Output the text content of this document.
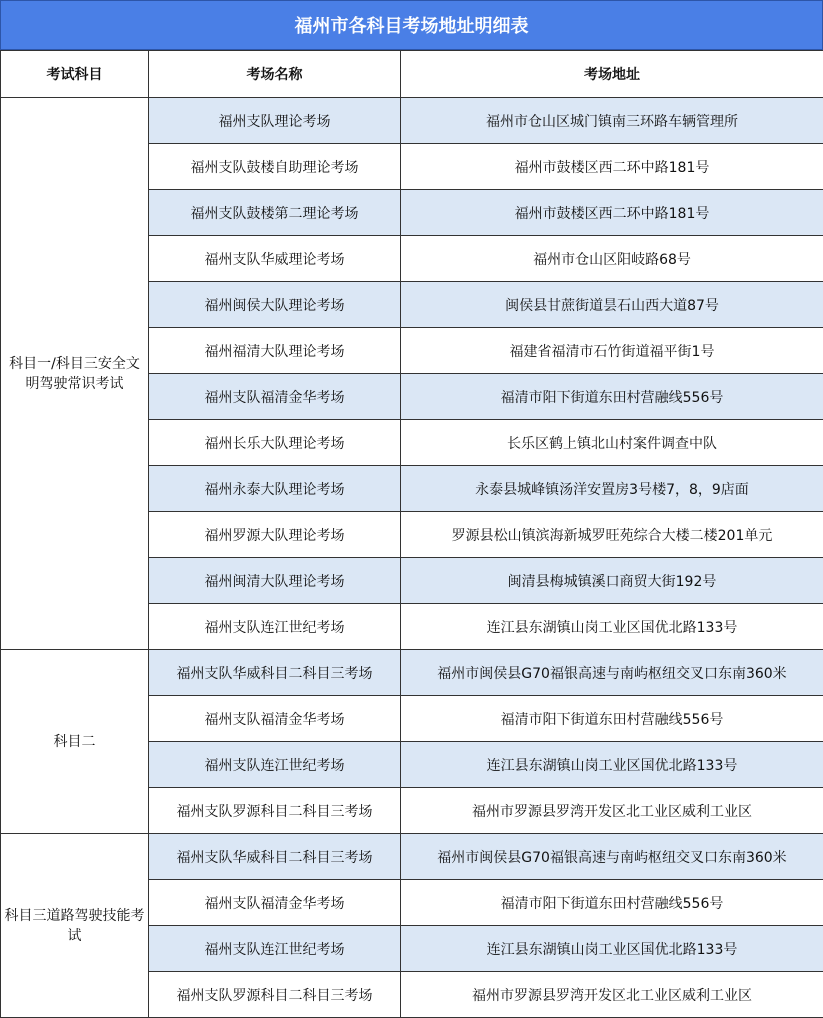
福州市各科目考场地址明细表
考试科目	考场名称	考场地址
科目一/科目三安全文明驾驶常识考试	福州支队理论考场	福州市仓山区城门镇南三环路车辆管理所
	福州支队鼓楼自助理论考场	福州市鼓楼区西二环中路181号
	福州支队鼓楼第二理论考场	福州市鼓楼区西二环中路181号
	福州支队华威理论考场	福州市仓山区阳岐路68号
	福州闽侯大队理论考场	闽侯县甘蔗街道昙石山西大道87号
	福州福清大队理论考场	福建省福清市石竹街道福平街1号
	福州支队福清金华考场	福清市阳下街道东田村营融线556号
	福州长乐大队理论考场	长乐区鹤上镇北山村案件调查中队
	福州永泰大队理论考场	永泰县城峰镇汤洋安置房3号楼7，8，9店面
	福州罗源大队理论考场	罗源县松山镇滨海新城罗旺苑综合大楼二楼201单元
	福州闽清大队理论考场	闽清县梅城镇溪口商贸大街192号
	福州支队连江世纪考场	连江县东湖镇山岗工业区国优北路133号
科目二	福州支队华威科目二科目三考场	福州市闽侯县G70福银高速与南屿枢纽交叉口东南360米
	福州支队福清金华考场	福清市阳下街道东田村营融线556号
	福州支队连江世纪考场	连江县东湖镇山岗工业区国优北路133号
	福州支队罗源科目二科目三考场	福州市罗源县罗湾开发区北工业区威利工业区
科目三道路驾驶技能考试	福州支队华威科目二科目三考场	福州市闽侯县G70福银高速与南屿枢纽交叉口东南360米
	福州支队福清金华考场	福清市阳下街道东田村营融线556号
	福州支队连江世纪考场	连江县东湖镇山岗工业区国优北路133号
	福州支队罗源科目二科目三考场	福州市罗源县罗湾开发区北工业区威利工业区
